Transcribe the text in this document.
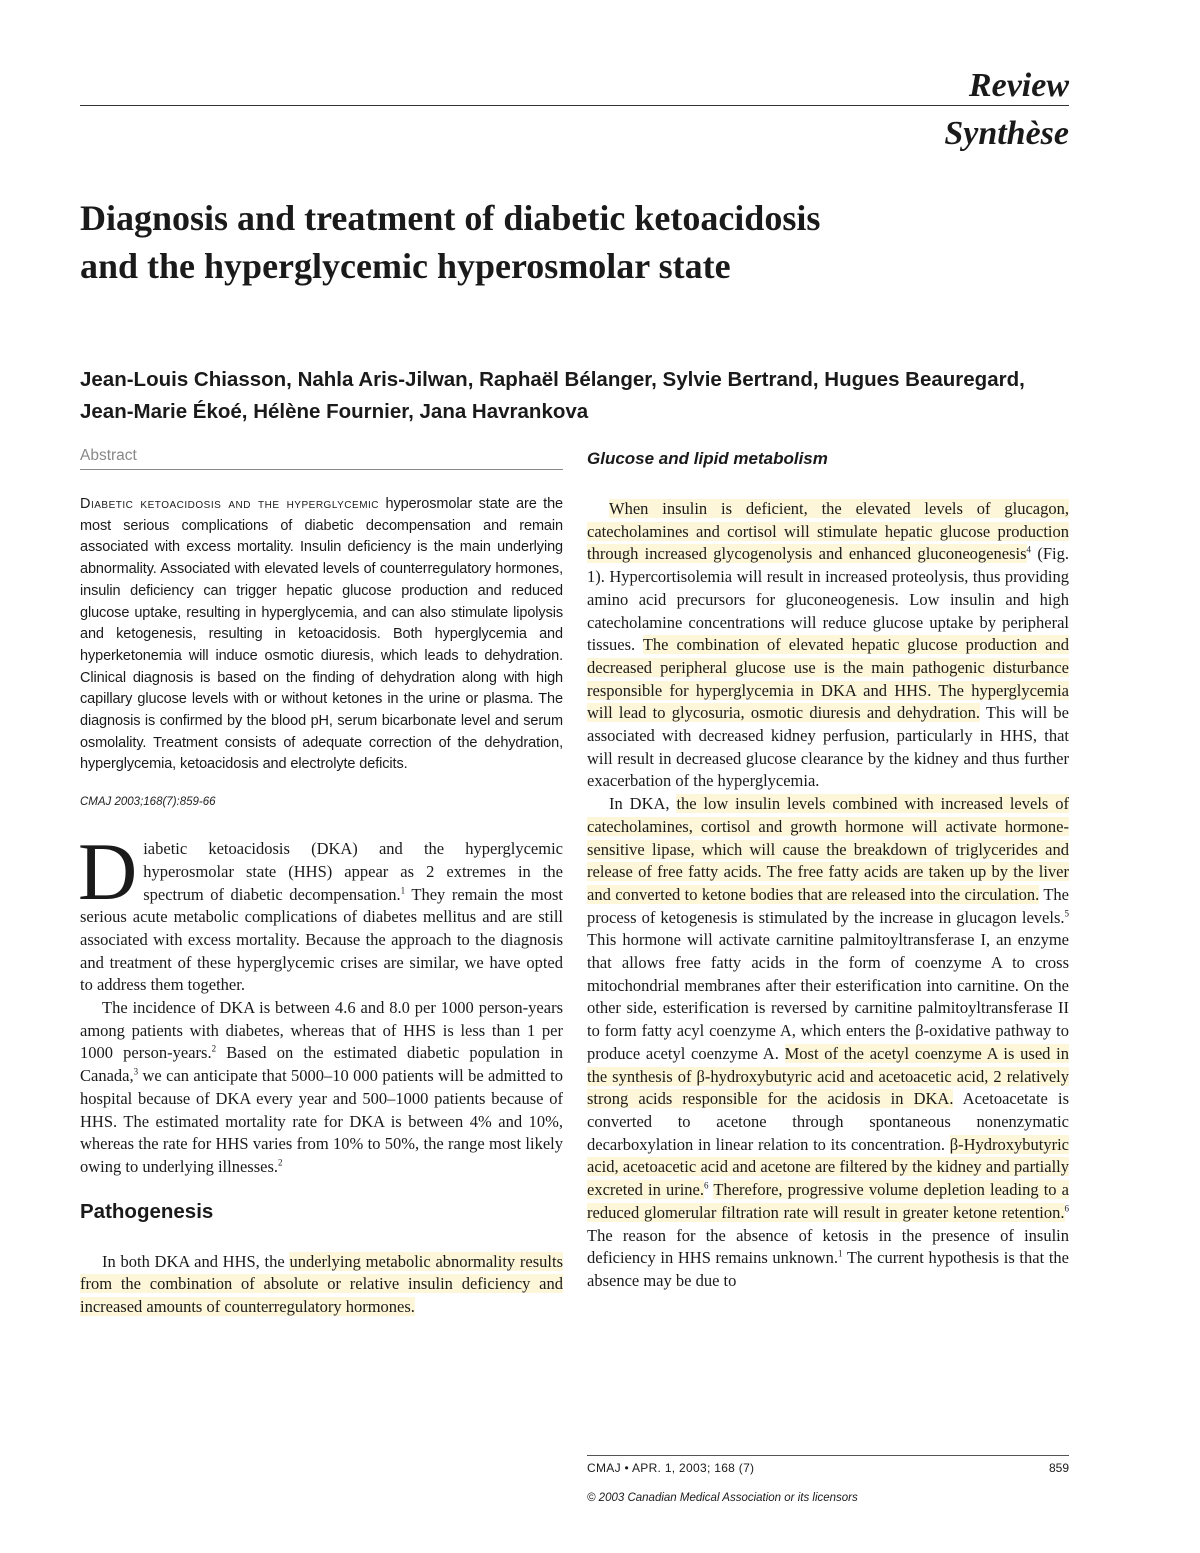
Review
Synthèse
Diagnosis and treatment of diabetic ketoacidosis
and the hyperglycemic hyperosmolar state

Jean-Louis Chiasson, Nahla Aris-Jilwan, Raphaël Bélanger, Sylvie Bertrand, Hugues Beauregard,
Jean-Marie Ékoé, Hélène Fournier, Jana Havrankova

Abstract

Diabetic ketoacidosis and the hyperglycemic hyperosmolar state are the most serious complications of diabetic decompensation and remain associated with excess mortality. Insulin deficiency is the main underlying abnormality. Associated with elevated levels of counterregulatory hormones, insulin deficiency can trigger hepatic glucose production and reduced glucose uptake, resulting in hyperglycemia, and can also stimulate lipolysis and ketogenesis, resulting in ketoacidosis. Both hyperglycemia and hyperketonemia will induce osmotic diuresis, which leads to dehydration. Clinical diagnosis is based on the finding of dehydration along with high capillary glucose levels with or without ketones in the urine or plasma. The diagnosis is confirmed by the blood pH, serum bicarbonate level and serum osmolality. Treatment consists of adequate correction of the dehydration, hyperglycemia, ketoacidosis and electrolyte deficits.

CMAJ 2003;168(7):859-66

Diabetic ketoacidosis (DKA) and the hyperglycemic hyperosmolar state (HHS) appear as 2 extremes in the spectrum of diabetic decompensation.$^1$ They remain the most serious acute metabolic complications of diabetes mellitus and are still associated with excess mortality. Because the approach to the diagnosis and treatment of these hyperglycemic crises are similar, we have opted to address them together.

The incidence of DKA is between 4.6 and 8.0 per 1000 person-years among patients with diabetes, whereas that of HHS is less than 1 per 1000 person-years.$^2$ Based on the estimated diabetic population in Canada,$^3$ we can anticipate that 5000–10 000 patients will be admitted to hospital because of DKA every year and 500–1000 patients because of HHS. The estimated mortality rate for DKA is between 4% and 10%, whereas the rate for HHS varies from 10% to 50%, the range most likely owing to underlying illnesses.$^2$

Pathogenesis

In both DKA and HHS, the underlying metabolic abnormality results from the combination of absolute or relative insulin deficiency and increased amounts of counterregulatory hormones.

Glucose and lipid metabolism

When insulin is deficient, the elevated levels of glucagon, catecholamines and cortisol will stimulate hepatic glucose production through increased glycogenolysis and enhanced gluconeogenesis$^4$ (Fig. 1). Hypercortisolemia will result in increased proteolysis, thus providing amino acid precursors for gluconeogenesis. Low insulin and high catecholamine concentrations will reduce glucose uptake by peripheral tissues. The combination of elevated hepatic glucose production and decreased peripheral glucose use is the main pathogenic disturbance responsible for hyperglycemia in DKA and HHS. The hyperglycemia will lead to glycosuria, osmotic diuresis and dehydration. This will be associated with decreased kidney perfusion, particularly in HHS, that will result in decreased glucose clearance by the kidney and thus further exacerbation of the hyperglycemia.

In DKA, the low insulin levels combined with increased levels of catecholamines, cortisol and growth hormone will activate hormone-sensitive lipase, which will cause the breakdown of triglycerides and release of free fatty acids. The free fatty acids are taken up by the liver and converted to ketone bodies that are released into the circulation. The process of ketogenesis is stimulated by the increase in glucagon levels.$^5$ This hormone will activate carnitine palmitoyltransferase I, an enzyme that allows free fatty acids in the form of coenzyme A to cross mitochondrial membranes after their esterification into carnitine. On the other side, esterification is reversed by carnitine palmitoyltransferase II to form fatty acyl coenzyme A, which enters the β-oxidative pathway to produce acetyl coenzyme A. Most of the acetyl coenzyme A is used in the synthesis of β-hydroxybutyric acid and acetoacetic acid, 2 relatively strong acids responsible for the acidosis in DKA. Acetoacetate is converted to acetone through spontaneous nonenzymatic decarboxylation in linear relation to its concentration. β-Hydroxybutyric acid, acetoacetic acid and acetone are filtered by the kidney and partially excreted in urine.$^6$ Therefore, progressive volume depletion leading to a reduced glomerular filtration rate will result in greater ketone retention.$^6$ The reason for the absence of ketosis in the presence of insulin deficiency in HHS remains unknown.$^1$ The current hypothesis is that the absence may be due to

CMAJ • APR. 1, 2003; 168 (7)	859
© 2003 Canadian Medical Association or its licensors
